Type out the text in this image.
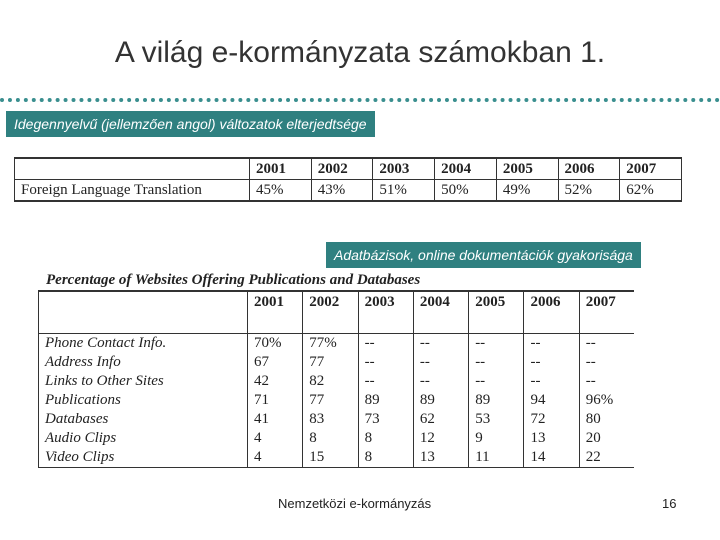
A világ e-kormányzata számokban 1.
Idegennyelvű (jellemzően angol) változatok elterjedtsége
	2001	2002	2003	2004	2005	2006	2007
Foreign Language Translation	45%	43%	51%	50%	49%	52%	62%
Adatbázisok, online dokumentációk gyakorisága
Percentage of Websites Offering Publications and Databases
	2001	2002	2003	2004	2005	2006	2007

Phone Contact Info.	70%	77%	--	--	--	--	--
Address Info	67	77	--	--	--	--	--
Links to Other Sites	42	82	--	--	--	--	--
Publications	71	77	89	89	89	94	96%
Databases	41	83	73	62	53	72	80
Audio Clips	4	8	8	12	9	13	20
Video Clips	4	15	8	13	11	14	22
Nemzetközi e-kormányzás	16
